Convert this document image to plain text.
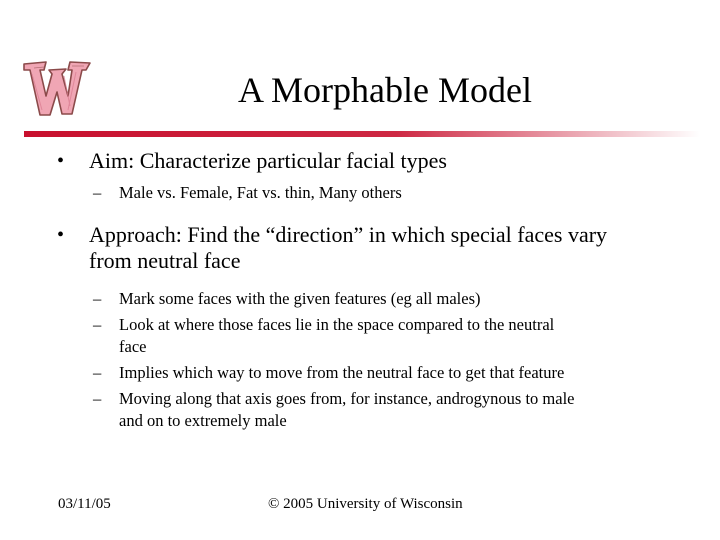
A Morphable Model
• Aim: Characterize particular facial types
– Male vs. Female, Fat vs. thin, Many others
• Approach: Find the “direction” in which special faces vary
from neutral face
– Mark some faces with the given features (eg all males)
– Look at where those faces lie in the space compared to the neutral
face
– Implies which way to move from the neutral face to get that feature
– Moving along that axis goes from, for instance, androgynous to male
and on to extremely male
03/11/05	© 2005 University of Wisconsin
